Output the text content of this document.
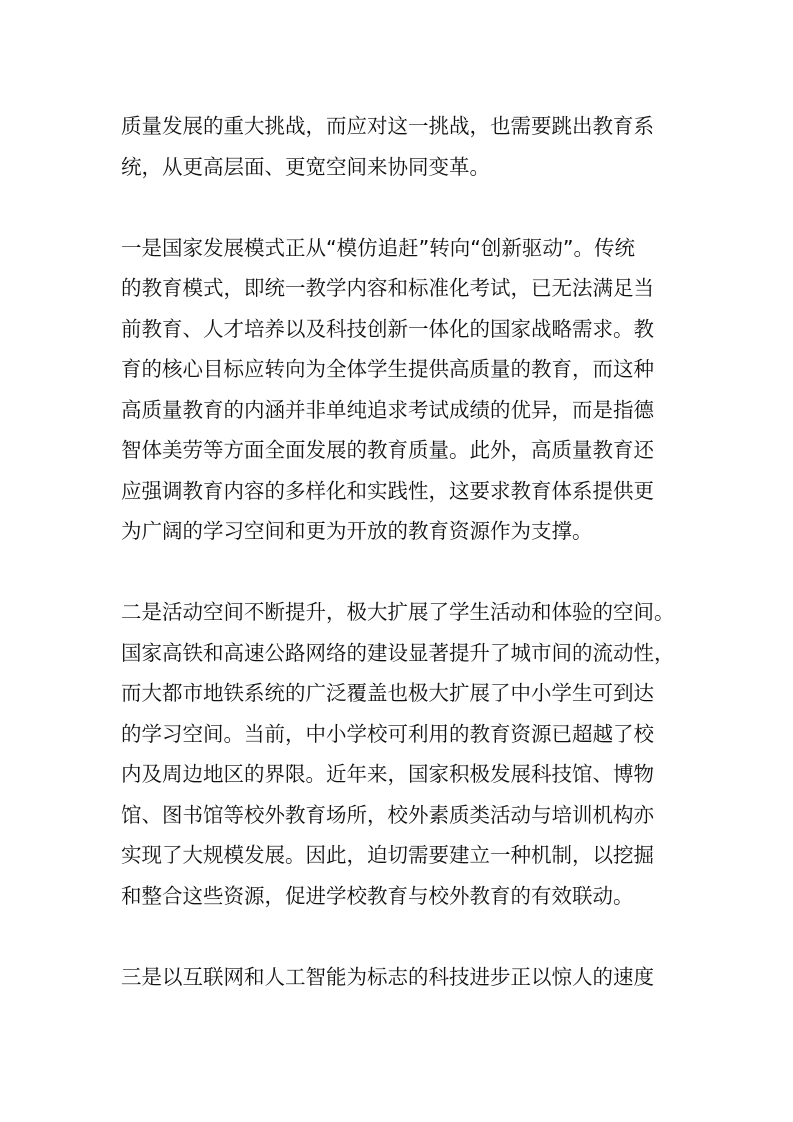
质量发展的重大挑战，而应对这一挑战，也需要跳出教育系
统，从更高层面、更宽空间来协同变革。
一是国家发展模式正从“模仿追赶”转向“创新驱动”。传统
的教育模式，即统一教学内容和标准化考试，已无法满足当
前教育、人才培养以及科技创新一体化的国家战略需求。教
育的核心目标应转向为全体学生提供高质量的教育，而这种
高质量教育的内涵并非单纯追求考试成绩的优异，而是指德
智体美劳等方面全面发展的教育质量。此外，高质量教育还
应强调教育内容的多样化和实践性，这要求教育体系提供更
为广阔的学习空间和更为开放的教育资源作为支撑。
二是活动空间不断提升，极大扩展了学生活动和体验的空间。
国家高铁和高速公路网络的建设显著提升了城市间的流动性，
而大都市地铁系统的广泛覆盖也极大扩展了中小学生可到达
的学习空间。当前，中小学校可利用的教育资源已超越了校
内及周边地区的界限。近年来，国家积极发展科技馆、博物
馆、图书馆等校外教育场所，校外素质类活动与培训机构亦
实现了大规模发展。因此，迫切需要建立一种机制，以挖掘
和整合这些资源，促进学校教育与校外教育的有效联动。
三是以互联网和人工智能为标志的科技进步正以惊人的速度
